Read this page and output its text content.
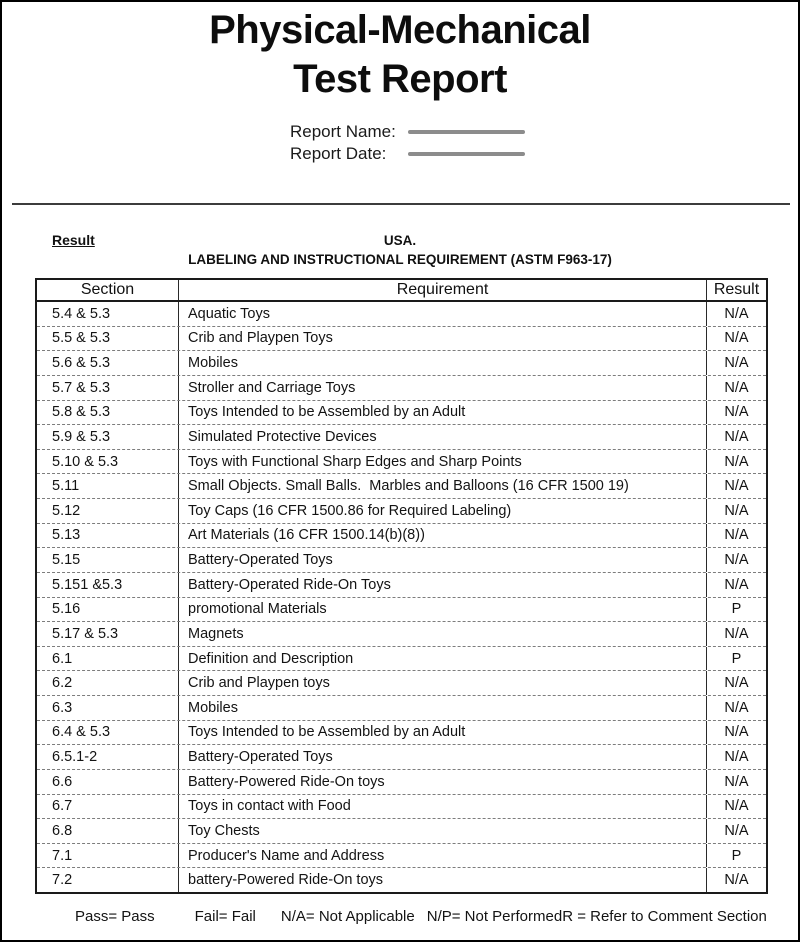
Physical-Mechanical
Test Report
Report Name:
Report Date:
Result	USA.
LABELING AND INSTRUCTIONAL REQUIREMENT (ASTM F963-17)
Section	Requirement	Result
5.4 & 5.3	Aquatic Toys	N/A
5.5 & 5.3	Crib and Playpen Toys	N/A
5.6 & 5.3	Mobiles	N/A
5.7 & 5.3	Stroller and Carriage Toys	N/A
5.8 & 5.3	Toys Intended to be Assembled by an Adult	N/A
5.9 & 5.3	Simulated Protective Devices	N/A
5.10 & 5.3	Toys with Functional Sharp Edges and Sharp Points	N/A
5.11	Small Objects. Small Balls.  Marbles and Balloons (16 CFR 1500 19)	N/A
5.12	Toy Caps (16 CFR 1500.86 for Required Labeling)	N/A
5.13	Art Materials (16 CFR 1500.14(b)(8))	N/A
5.15	Battery-Operated Toys	N/A
5.151 &5.3	Battery-Operated Ride-On Toys	N/A
5.16	promotional Materials	P
5.17 & 5.3	Magnets	N/A
6.1	Definition and Description	P
6.2	Crib and Playpen toys	N/A
6.3	Mobiles	N/A
6.4 & 5.3	Toys Intended to be Assembled by an Adult	N/A
6.5.1-2	Battery-Operated Toys	N/A
6.6	Battery-Powered Ride-On toys	N/A
6.7	Toys in contact with Food	N/A
6.8	Toy Chests	N/A
7.1	Producer's Name and Address	P
7.2	battery-Powered Ride-On toys	N/A
Pass= Pass	Fail= Fail N/A= Not Applicable N/P= Not Performed R = Refer to Comment Section
